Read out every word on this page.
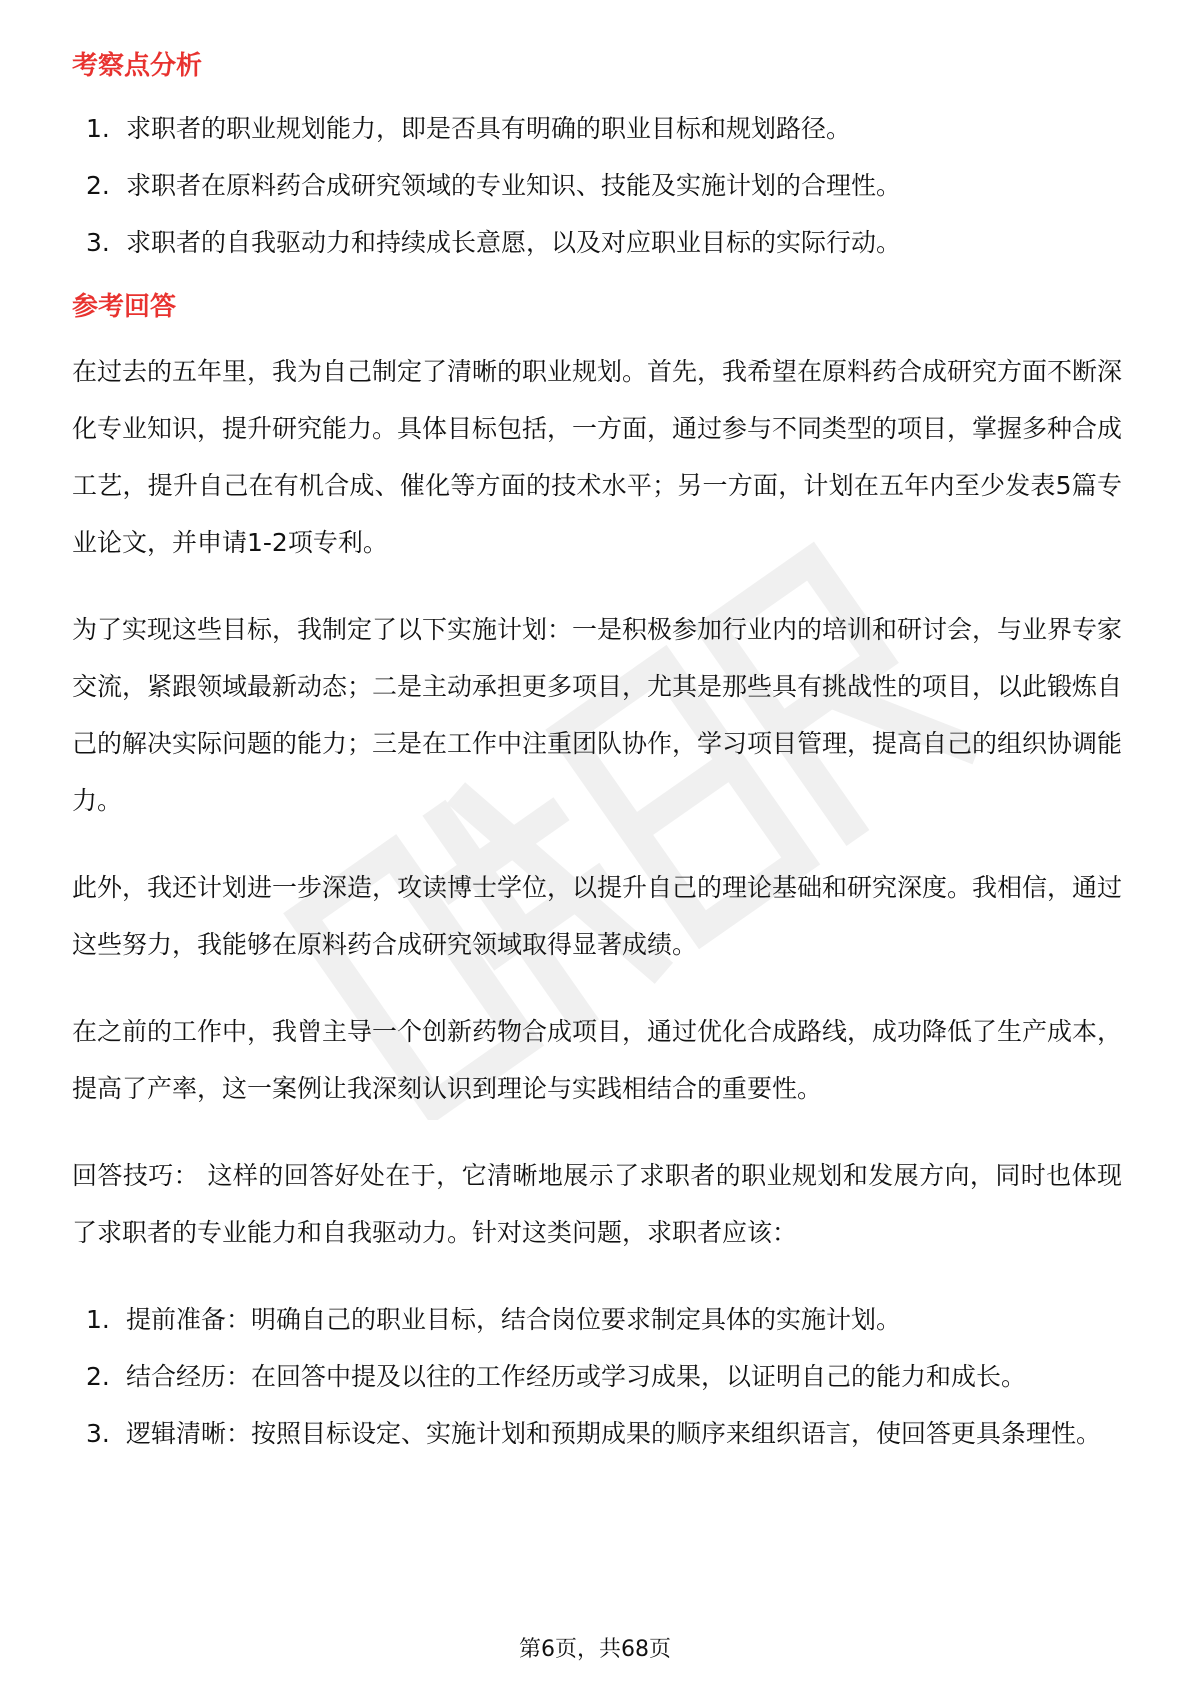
考察点分析
1. 求职者的职业规划能力，即是否具有明确的职业目标和规划路径。
2. 求职者在原料药合成研究领域的专业知识、技能及实施计划的合理性。
3. 求职者的自我驱动力和持续成长意愿，以及对应职业目标的实际行动。
参考回答

在过去的五年里，我为自己制定了清晰的职业规划。首先，我希望在原料药合成研究方面不断深化专业知识，提升研究能力。具体目标包括，一方面，通过参与不同类型的项目，掌握多种合成工艺，提升自己在有机合成、催化等方面的技术水平；另一方面，计划在五年内至少发表5篇专业论文，并申请1-2项专利。

为了实现这些目标，我制定了以下实施计划：一是积极参加行业内的培训和研讨会，与业界专家交流，紧跟领域最新动态；二是主动承担更多项目，尤其是那些具有挑战性的项目，以此锻炼自己的解决实际问题的能力；三是在工作中注重团队协作，学习项目管理，提高自己的组织协调能力。

此外，我还计划进一步深造，攻读博士学位，以提升自己的理论基础和研究深度。我相信，通过这些努力，我能够在原料药合成研究领域取得显著成绩。

在之前的工作中，我曾主导一个创新药物合成项目，通过优化合成路线，成功降低了生产成本，提高了产率，这一案例让我深刻认识到理论与实践相结合的重要性。

回答技巧： 这样的回答好处在于，它清晰地展示了求职者的职业规划和发展方向，同时也体现了求职者的专业能力和自我驱动力。针对这类问题，求职者应该：

1. 提前准备：明确自己的职业目标，结合岗位要求制定具体的实施计划。
2. 结合经历：在回答中提及以往的工作经历或学习成果，以证明自己的能力和成长。
3. 逻辑清晰：按照目标设定、实施计划和预期成果的顺序来组织语言，使回答更具条理性。
第6页，共68页
